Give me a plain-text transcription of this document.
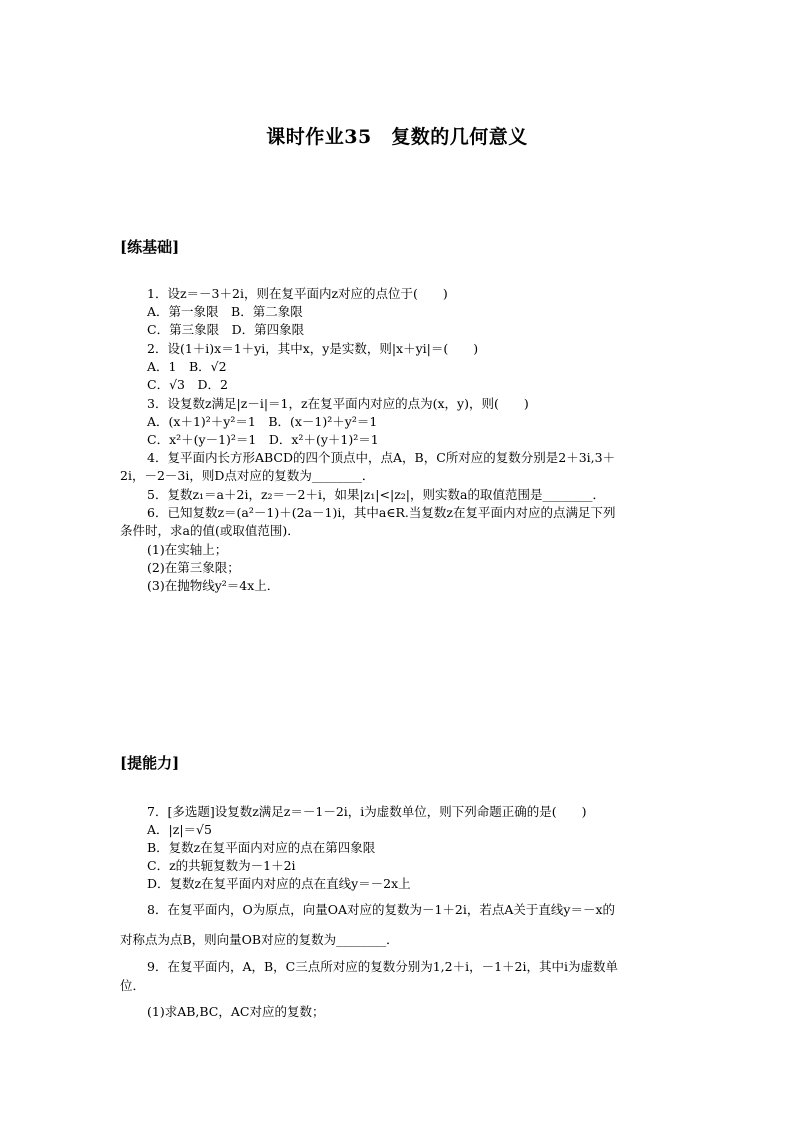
课时作业35　复数的几何意义
[练基础]
1．设z＝－3＋2i，则在复平面内z对应的点位于(　　)
A．第一象限　B．第二象限
C．第三象限　D．第四象限
2．设(1＋i)x＝1＋yi，其中x，y是实数，则|x＋yi|＝(　　)
A．1　B．√2
C．√3　D．2
3．设复数z满足|z－i|＝1，z在复平面内对应的点为(x，y)，则(　　)
A．(x＋1)²＋y²＝1　B．(x－1)²＋y²＝1
C．x²＋(y－1)²＝1　D．x²＋(y＋1)²＝1
4．复平面内长方形ABCD的四个顶点中，点A，B，C所对应的复数分别是2＋3i,3＋
2i，－2－3i，则D点对应的复数为________．
5．复数z₁＝a＋2i，z₂＝－2＋i，如果|z₁|<|z₂|，则实数a的取值范围是________．
6．已知复数z＝(a²－1)＋(2a－1)i，其中a∈R.当复数z在复平面内对应的点满足下列
条件时，求a的值(或取值范围)．
(1)在实轴上；
(2)在第三象限；
(3)在抛物线y²＝4x上．
[提能力]
7．[多选题]设复数z满足z＝－1－2i，i为虚数单位，则下列命题正确的是(　　)
A．|z|＝√5
B．复数z在复平面内对应的点在第四象限
C．z的共轭复数为－1＋2i
D．复数z在复平面内对应的点在直线y＝－2x上
8．在复平面内，O为原点，向量OA对应的复数为－1＋2i，若点A关于直线y＝－x的
对称点为点B，则向量OB对应的复数为________．
9．在复平面内，A，B，C三点所对应的复数分别为1,2＋i，－1＋2i，其中i为虚数单
位．
(1)求AB,BC，AC对应的复数；
